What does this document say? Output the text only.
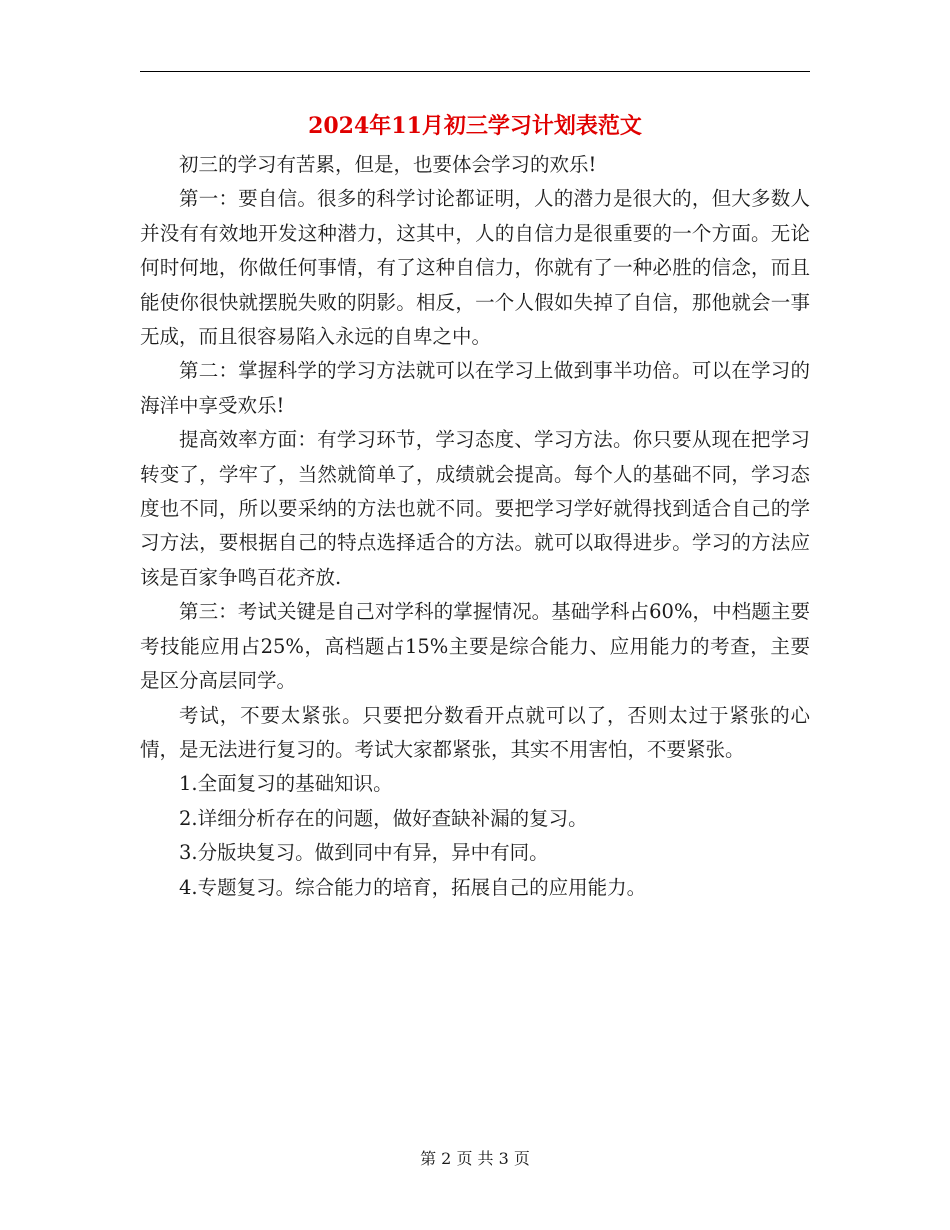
2024年11月初三学习计划表范文

初三的学习有苦累，但是，也要体会学习的欢乐!

第一：要自信。很多的科学讨论都证明，人的潜力是很大的，但大多数人并没有有效地开发这种潜力，这其中，人的自信力是很重要的一个方面。无论何时何地，你做任何事情，有了这种自信力，你就有了一种必胜的信念，而且能使你很快就摆脱失败的阴影。相反，一个人假如失掉了自信，那他就会一事无成，而且很容易陷入永远的自卑之中。

第二：掌握科学的学习方法就可以在学习上做到事半功倍。可以在学习的海洋中享受欢乐!

提高效率方面：有学习环节，学习态度、学习方法。你只要从现在把学习转变了，学牢了，当然就简单了，成绩就会提高。每个人的基础不同，学习态度也不同，所以要采纳的方法也就不同。要把学习学好就得找到适合自己的学习方法，要根据自己的特点选择适合的方法。就可以取得进步。学习的方法应该是百家争鸣百花齐放.

第三：考试关键是自己对学科的掌握情况。基础学科占60%，中档题主要考技能应用占25%，高档题占15%主要是综合能力、应用能力的考查，主要是区分高层同学。

考试，不要太紧张。只要把分数看开点就可以了，否则太过于紧张的心情，是无法进行复习的。考试大家都紧张，其实不用害怕，不要紧张。

1.全面复习的基础知识。

2.详细分析存在的问题，做好查缺补漏的复习。

3.分版块复习。做到同中有异，异中有同。

4.专题复习。综合能力的培育，拓展自己的应用能力。

第 2 页 共 3 页
